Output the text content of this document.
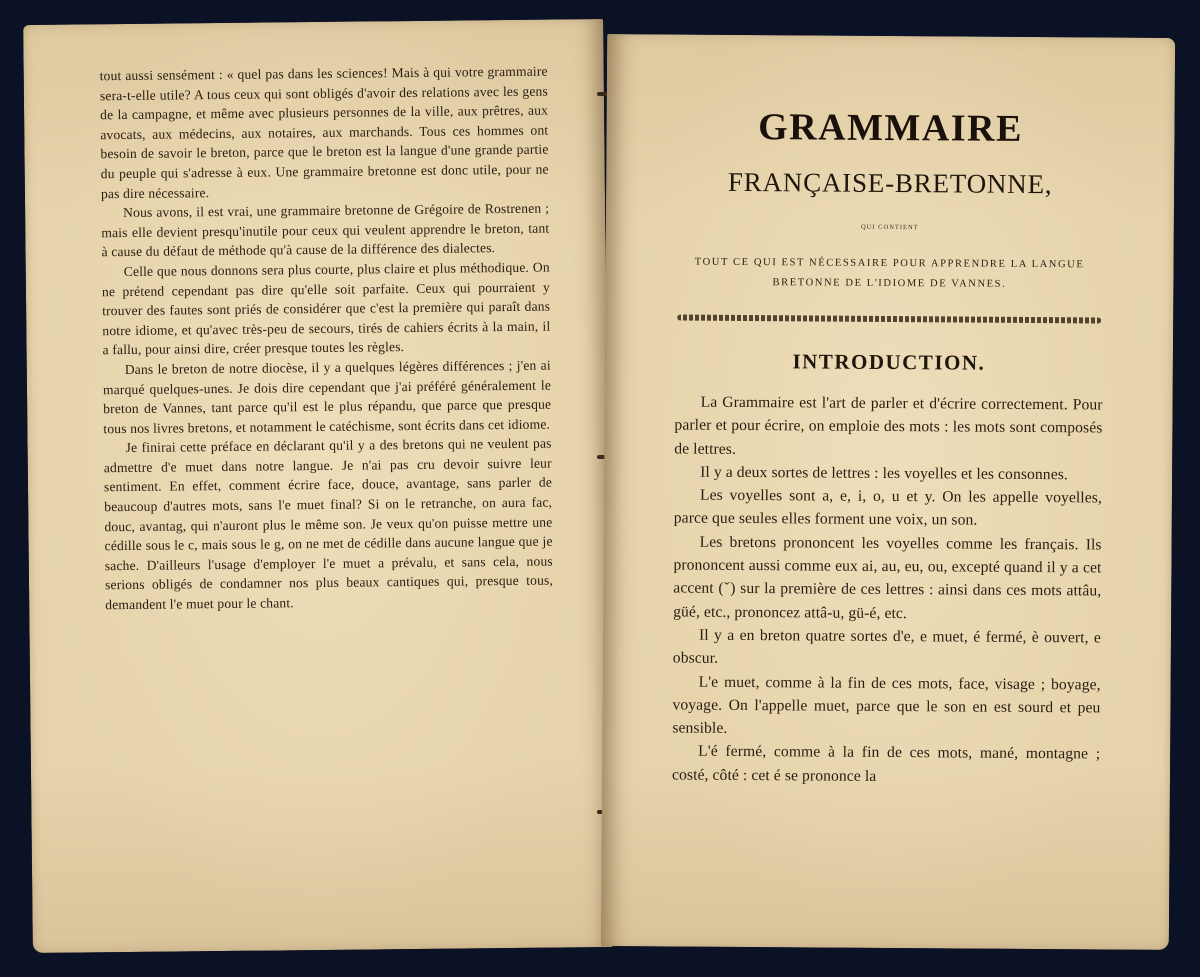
tout aussi sensément : « quel pas dans les sciences! Mais à qui votre grammaire sera-t-elle utile? A tous ceux qui sont obligés d'avoir des relations avec les gens de la campagne, et même avec plusieurs personnes de la ville, aux prêtres, aux avocats, aux médecins, aux notaires, aux marchands. Tous ces hommes ont besoin de savoir le breton, parce que le breton est la langue d'une grande partie du peuple qui s'adresse à eux. Une grammaire bretonne est donc utile, pour ne pas dire nécessaire.

Nous avons, il est vrai, une grammaire bretonne de Grégoire de Rostrenen ; mais elle devient presqu'inutile pour ceux qui veulent apprendre le breton, tant à cause du défaut de méthode qu'à cause de la différence des dialectes.

Celle que nous donnons sera plus courte, plus claire et plus méthodique. On ne prétend cependant pas dire qu'elle soit parfaite. Ceux qui pourraient y trouver des fautes sont priés de considérer que c'est la première qui paraît dans notre idiome, et qu'avec très-peu de secours, tirés de cahiers écrits à la main, il a fallu, pour ainsi dire, créer presque toutes les règles.

Dans le breton de notre diocèse, il y a quelques légères différences ; j'en ai marqué quelques-unes. Je dois dire cependant que j'ai préféré généralement le breton de Vannes, tant parce qu'il est le plus répandu, que parce que presque tous nos livres bretons, et notamment le catéchisme, sont écrits dans cet idiome.

Je finirai cette préface en déclarant qu'il y a des bretons qui ne veulent pas admettre d'e muet dans notre langue. Je n'ai pas cru devoir suivre leur sentiment. En effet, comment écrire face, douce, avantage, sans parler de beaucoup d'autres mots, sans l'e muet final? Si on le retranche, on aura fac, douc, avantag, qui n'auront plus le même son. Je veux qu'on puisse mettre une cédille sous le c, mais sous le g, on ne met de cédille dans aucune langue que je sache. D'ailleurs l'usage d'employer l'e muet a prévalu, et sans cela, nous serions obligés de condamner nos plus beaux cantiques qui, presque tous, demandent l'e muet pour le chant.

GRAMMAIRE
FRANÇAISE-BRETONNE,
QUI CONTIENT
TOUT CE QUI EST NÉCESSAIRE POUR APPRENDRE LA LANGUE BRETONNE DE L'IDIOME DE VANNES.
INTRODUCTION.

La Grammaire est l'art de parler et d'écrire correctement. Pour parler et pour écrire, on emploie des mots : les mots sont composés de lettres.

Il y a deux sortes de lettres : les voyelles et les consonnes.

Les voyelles sont a, e, i, o, u et y. On les appelle voyelles, parce que seules elles forment une voix, un son.

Les bretons prononcent les voyelles comme les français. Ils prononcent aussi comme eux ai, au, eu, ou, excepté quand il y a cet accent (ˇ) sur la première de ces lettres : ainsi dans ces mots attâu, güé, etc., prononcez attâ-u, gü-é, etc.

Il y a en breton quatre sortes d'e, e muet, é fermé, è ouvert, e obscur.

L'e muet, comme à la fin de ces mots, face, visage ; boyage, voyage. On l'appelle muet, parce que le son en est sourd et peu sensible.

L'é fermé, comme à la fin de ces mots, mané, montagne ; costé, côté : cet é se prononce la
